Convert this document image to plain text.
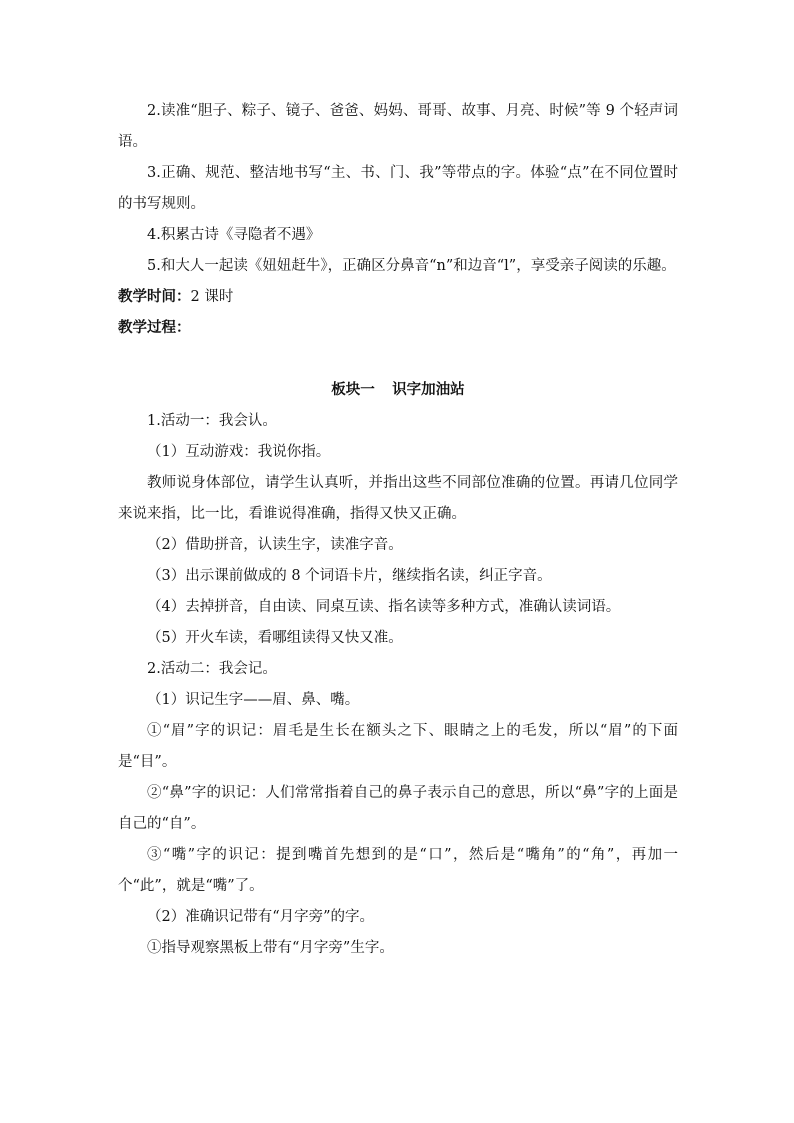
2.读准“胆子、粽子、镜子、爸爸、妈妈、哥哥、故事、月亮、时候”等 9 个轻声词语。

3.正确、规范、整洁地书写“主、书、门、我”等带点的字。体验“点”在不同位置时的书写规则。

4.积累古诗《寻隐者不遇》

5.和大人一起读《妞妞赶牛》，正确区分鼻音“n”和边音“l”，享受亲子阅读的乐趣。

教学时间：2 课时

教学过程：

板块一 识字加油站

1.活动一：我会认。

（1）互动游戏：我说你指。

教师说身体部位，请学生认真听，并指出这些不同部位准确的位置。再请几位同学来说来指，比一比，看谁说得准确，指得又快又正确。

（2）借助拼音，认读生字，读准字音。

（3）出示课前做成的 8 个词语卡片，继续指名读，纠正字音。

（4）去掉拼音，自由读、同桌互读、指名读等多种方式，准确认读词语。

（5）开火车读，看哪组读得又快又准。

2.活动二：我会记。

（1）识记生字——眉、鼻、嘴。

①“眉”字的识记：眉毛是生长在额头之下、眼睛之上的毛发，所以“眉”的下面是“目”。

②“鼻”字的识记：人们常常指着自己的鼻子表示自己的意思，所以“鼻”字的上面是自己的“自”。

③“嘴”字的识记：提到嘴首先想到的是“口”，然后是“嘴角”的“角”，再加一个“此”，就是“嘴”了。

（2）准确识记带有“月字旁”的字。

①指导观察黑板上带有“月字旁”生字。
